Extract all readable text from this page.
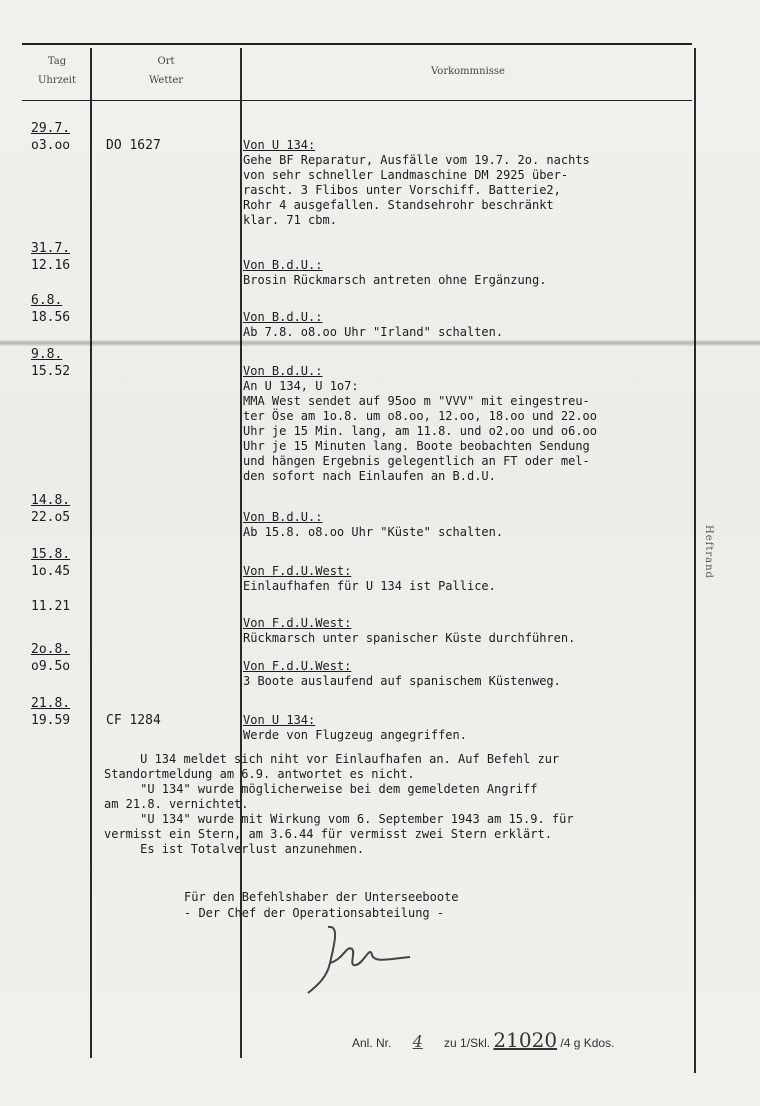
Tag
Uhrzeit
Ort
Wetter
Vorkommnisse
29.7.
o3.oo	DO 1627	Von U 134:
Gehe BF Reparatur, Ausfälle vom 19.7. 2o. nachts
von sehr schneller Landmaschine DM 2925 über-
rascht. 3 Flibos unter Vorschiff. Batterie2,
Rohr 4 ausgefallen. Standsehrohr beschränkt
klar. 71 cbm.
31.7.
12.16	Von B.d.U.:
Brosin Rückmarsch antreten ohne Ergänzung.
6.8.
18.56	Von B.d.U.:
Ab 7.8. o8.oo Uhr "Irland" schalten.
9.8.
15.52	Von B.d.U.:
An U 134, U 1o7:
MMA West sendet auf 95oo m "VVV" mit eingestreu-
ter Öse am 1o.8. um o8.oo, 12.oo, 18.oo und 22.oo
Uhr je 15 Min. lang, am 11.8. und o2.oo und o6.oo
Uhr je 15 Minuten lang. Boote beobachten Sendung
und hängen Ergebnis gelegentlich an FT oder mel-
den sofort nach Einlaufen an B.d.U.
14.8.
22.o5	Von B.d.U.:
Ab 15.8. o8.oo Uhr "Küste" schalten.
15.8.
1o.45	Von F.d.U.West:
Einlaufhafen für U 134 ist Pallice.
11.21
Von F.d.U.West:
Rückmarsch unter spanischer Küste durchführen.
2o.8.
o9.5o	Von F.d.U.West:
3 Boote auslaufend auf spanischem Küstenweg.
21.8.
19.59	CF 1284	Von U 134:
Werde von Flugzeug angegriffen.
U 134 meldet sich niht vor Einlaufhafen an. Auf Befehl zur
Standortmeldung am 6.9. antwortet es nicht.
"U 134" wurde möglicherweise bei dem gemeldeten Angriff
am 21.8. vernichtet.
"U 134" wurde mit Wirkung vom 6. September 1943 am 15.9. für
vermisst ein Stern, am 3.6.44 für vermisst zwei Stern erklärt.
Es ist Totalverlust anzunehmen.
Für den Befehlshaber der Unterseeboote
- Der Chef der Operationsabteilung -
Heftrand
Anl. Nr. 4 zu 1/Skl. 21020 /4 g Kdos.
